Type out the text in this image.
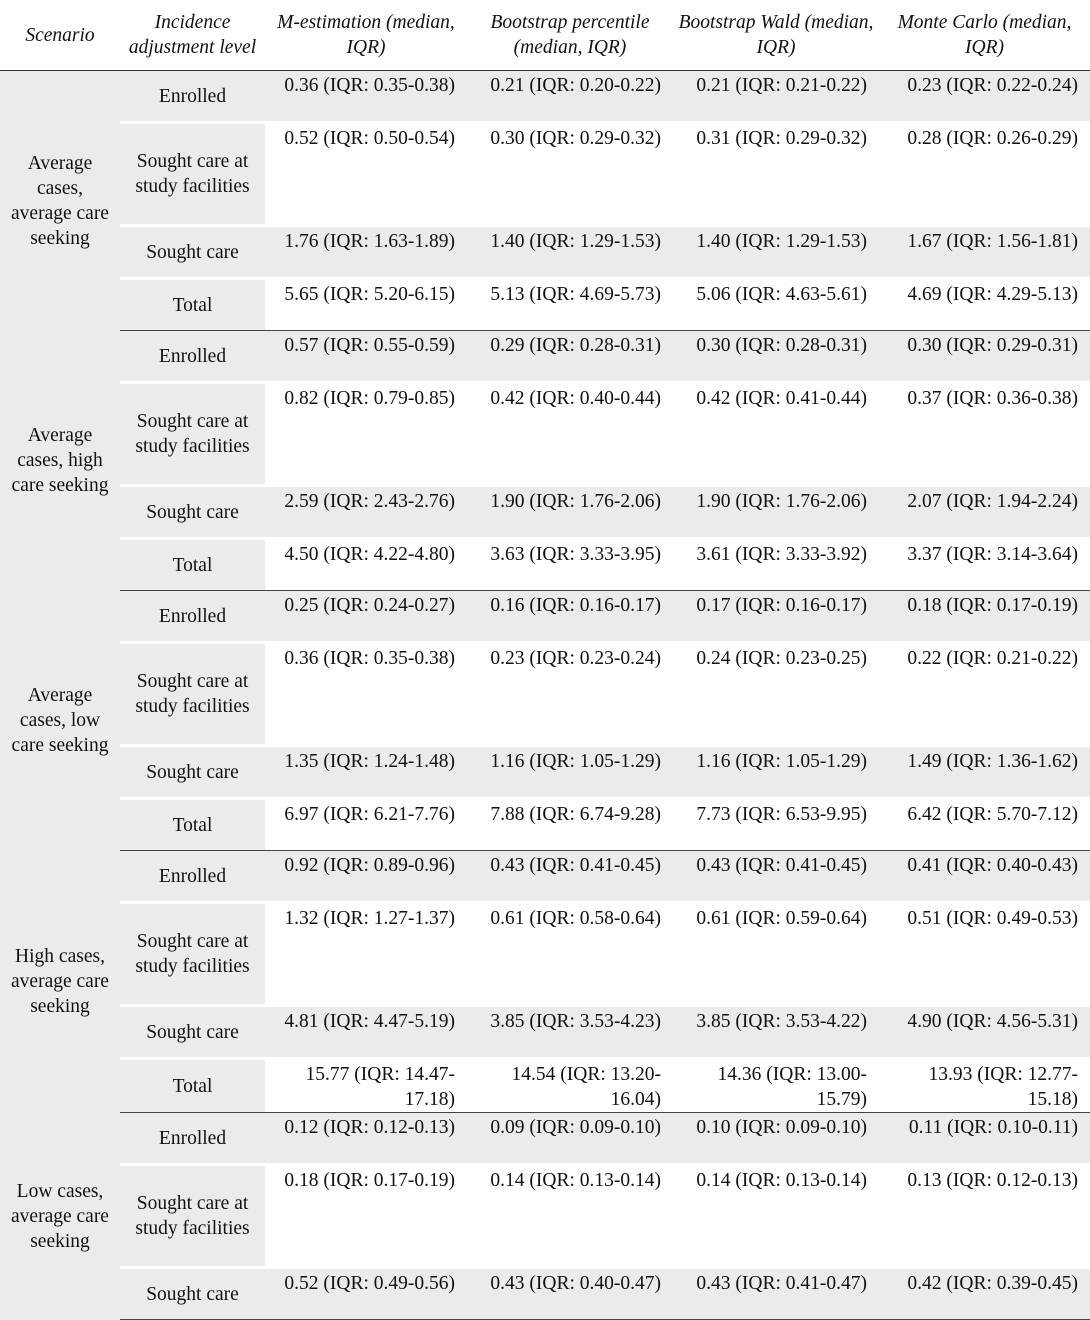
Scenario	Incidence adjustment level	M-estimation (median, IQR)	Bootstrap percentile (median, IQR)	Bootstrap Wald (median, IQR)	Monte Carlo (median, IQR)
Average cases, average care seeking	Enrolled	0.36 (IQR: 0.35-0.38)	0.21 (IQR: 0.20-0.22)	0.21 (IQR: 0.21-0.22)	0.23 (IQR: 0.22-0.24)
	Sought care at study facilities	0.52 (IQR: 0.50-0.54)	0.30 (IQR: 0.29-0.32)	0.31 (IQR: 0.29-0.32)	0.28 (IQR: 0.26-0.29)
	Sought care	1.76 (IQR: 1.63-1.89)	1.40 (IQR: 1.29-1.53)	1.40 (IQR: 1.29-1.53)	1.67 (IQR: 1.56-1.81)
	Total	5.65 (IQR: 5.20-6.15)	5.13 (IQR: 4.69-5.73)	5.06 (IQR: 4.63-5.61)	4.69 (IQR: 4.29-5.13)
Average cases, high care seeking	Enrolled	0.57 (IQR: 0.55-0.59)	0.29 (IQR: 0.28-0.31)	0.30 (IQR: 0.28-0.31)	0.30 (IQR: 0.29-0.31)
	Sought care at study facilities	0.82 (IQR: 0.79-0.85)	0.42 (IQR: 0.40-0.44)	0.42 (IQR: 0.41-0.44)	0.37 (IQR: 0.36-0.38)
	Sought care	2.59 (IQR: 2.43-2.76)	1.90 (IQR: 1.76-2.06)	1.90 (IQR: 1.76-2.06)	2.07 (IQR: 1.94-2.24)
	Total	4.50 (IQR: 4.22-4.80)	3.63 (IQR: 3.33-3.95)	3.61 (IQR: 3.33-3.92)	3.37 (IQR: 3.14-3.64)
Average cases, low care seeking	Enrolled	0.25 (IQR: 0.24-0.27)	0.16 (IQR: 0.16-0.17)	0.17 (IQR: 0.16-0.17)	0.18 (IQR: 0.17-0.19)
	Sought care at study facilities	0.36 (IQR: 0.35-0.38)	0.23 (IQR: 0.23-0.24)	0.24 (IQR: 0.23-0.25)	0.22 (IQR: 0.21-0.22)
	Sought care	1.35 (IQR: 1.24-1.48)	1.16 (IQR: 1.05-1.29)	1.16 (IQR: 1.05-1.29)	1.49 (IQR: 1.36-1.62)
	Total	6.97 (IQR: 6.21-7.76)	7.88 (IQR: 6.74-9.28)	7.73 (IQR: 6.53-9.95)	6.42 (IQR: 5.70-7.12)
High cases, average care seeking	Enrolled	0.92 (IQR: 0.89-0.96)	0.43 (IQR: 0.41-0.45)	0.43 (IQR: 0.41-0.45)	0.41 (IQR: 0.40-0.43)
	Sought care at study facilities	1.32 (IQR: 1.27-1.37)	0.61 (IQR: 0.58-0.64)	0.61 (IQR: 0.59-0.64)	0.51 (IQR: 0.49-0.53)
	Sought care	4.81 (IQR: 4.47-5.19)	3.85 (IQR: 3.53-4.23)	3.85 (IQR: 3.53-4.22)	4.90 (IQR: 4.56-5.31)
	Total	15.77 (IQR: 14.47-17.18)	14.54 (IQR: 13.20-16.04)	14.36 (IQR: 13.00-15.79)	13.93 (IQR: 12.77-15.18)
Low cases, average care seeking	Enrolled	0.12 (IQR: 0.12-0.13)	0.09 (IQR: 0.09-0.10)	0.10 (IQR: 0.09-0.10)	0.11 (IQR: 0.10-0.11)
	Sought care at study facilities	0.18 (IQR: 0.17-0.19)	0.14 (IQR: 0.13-0.14)	0.14 (IQR: 0.13-0.14)	0.13 (IQR: 0.12-0.13)
	Sought care	0.52 (IQR: 0.49-0.56)	0.43 (IQR: 0.40-0.47)	0.43 (IQR: 0.41-0.47)	0.42 (IQR: 0.39-0.45)
